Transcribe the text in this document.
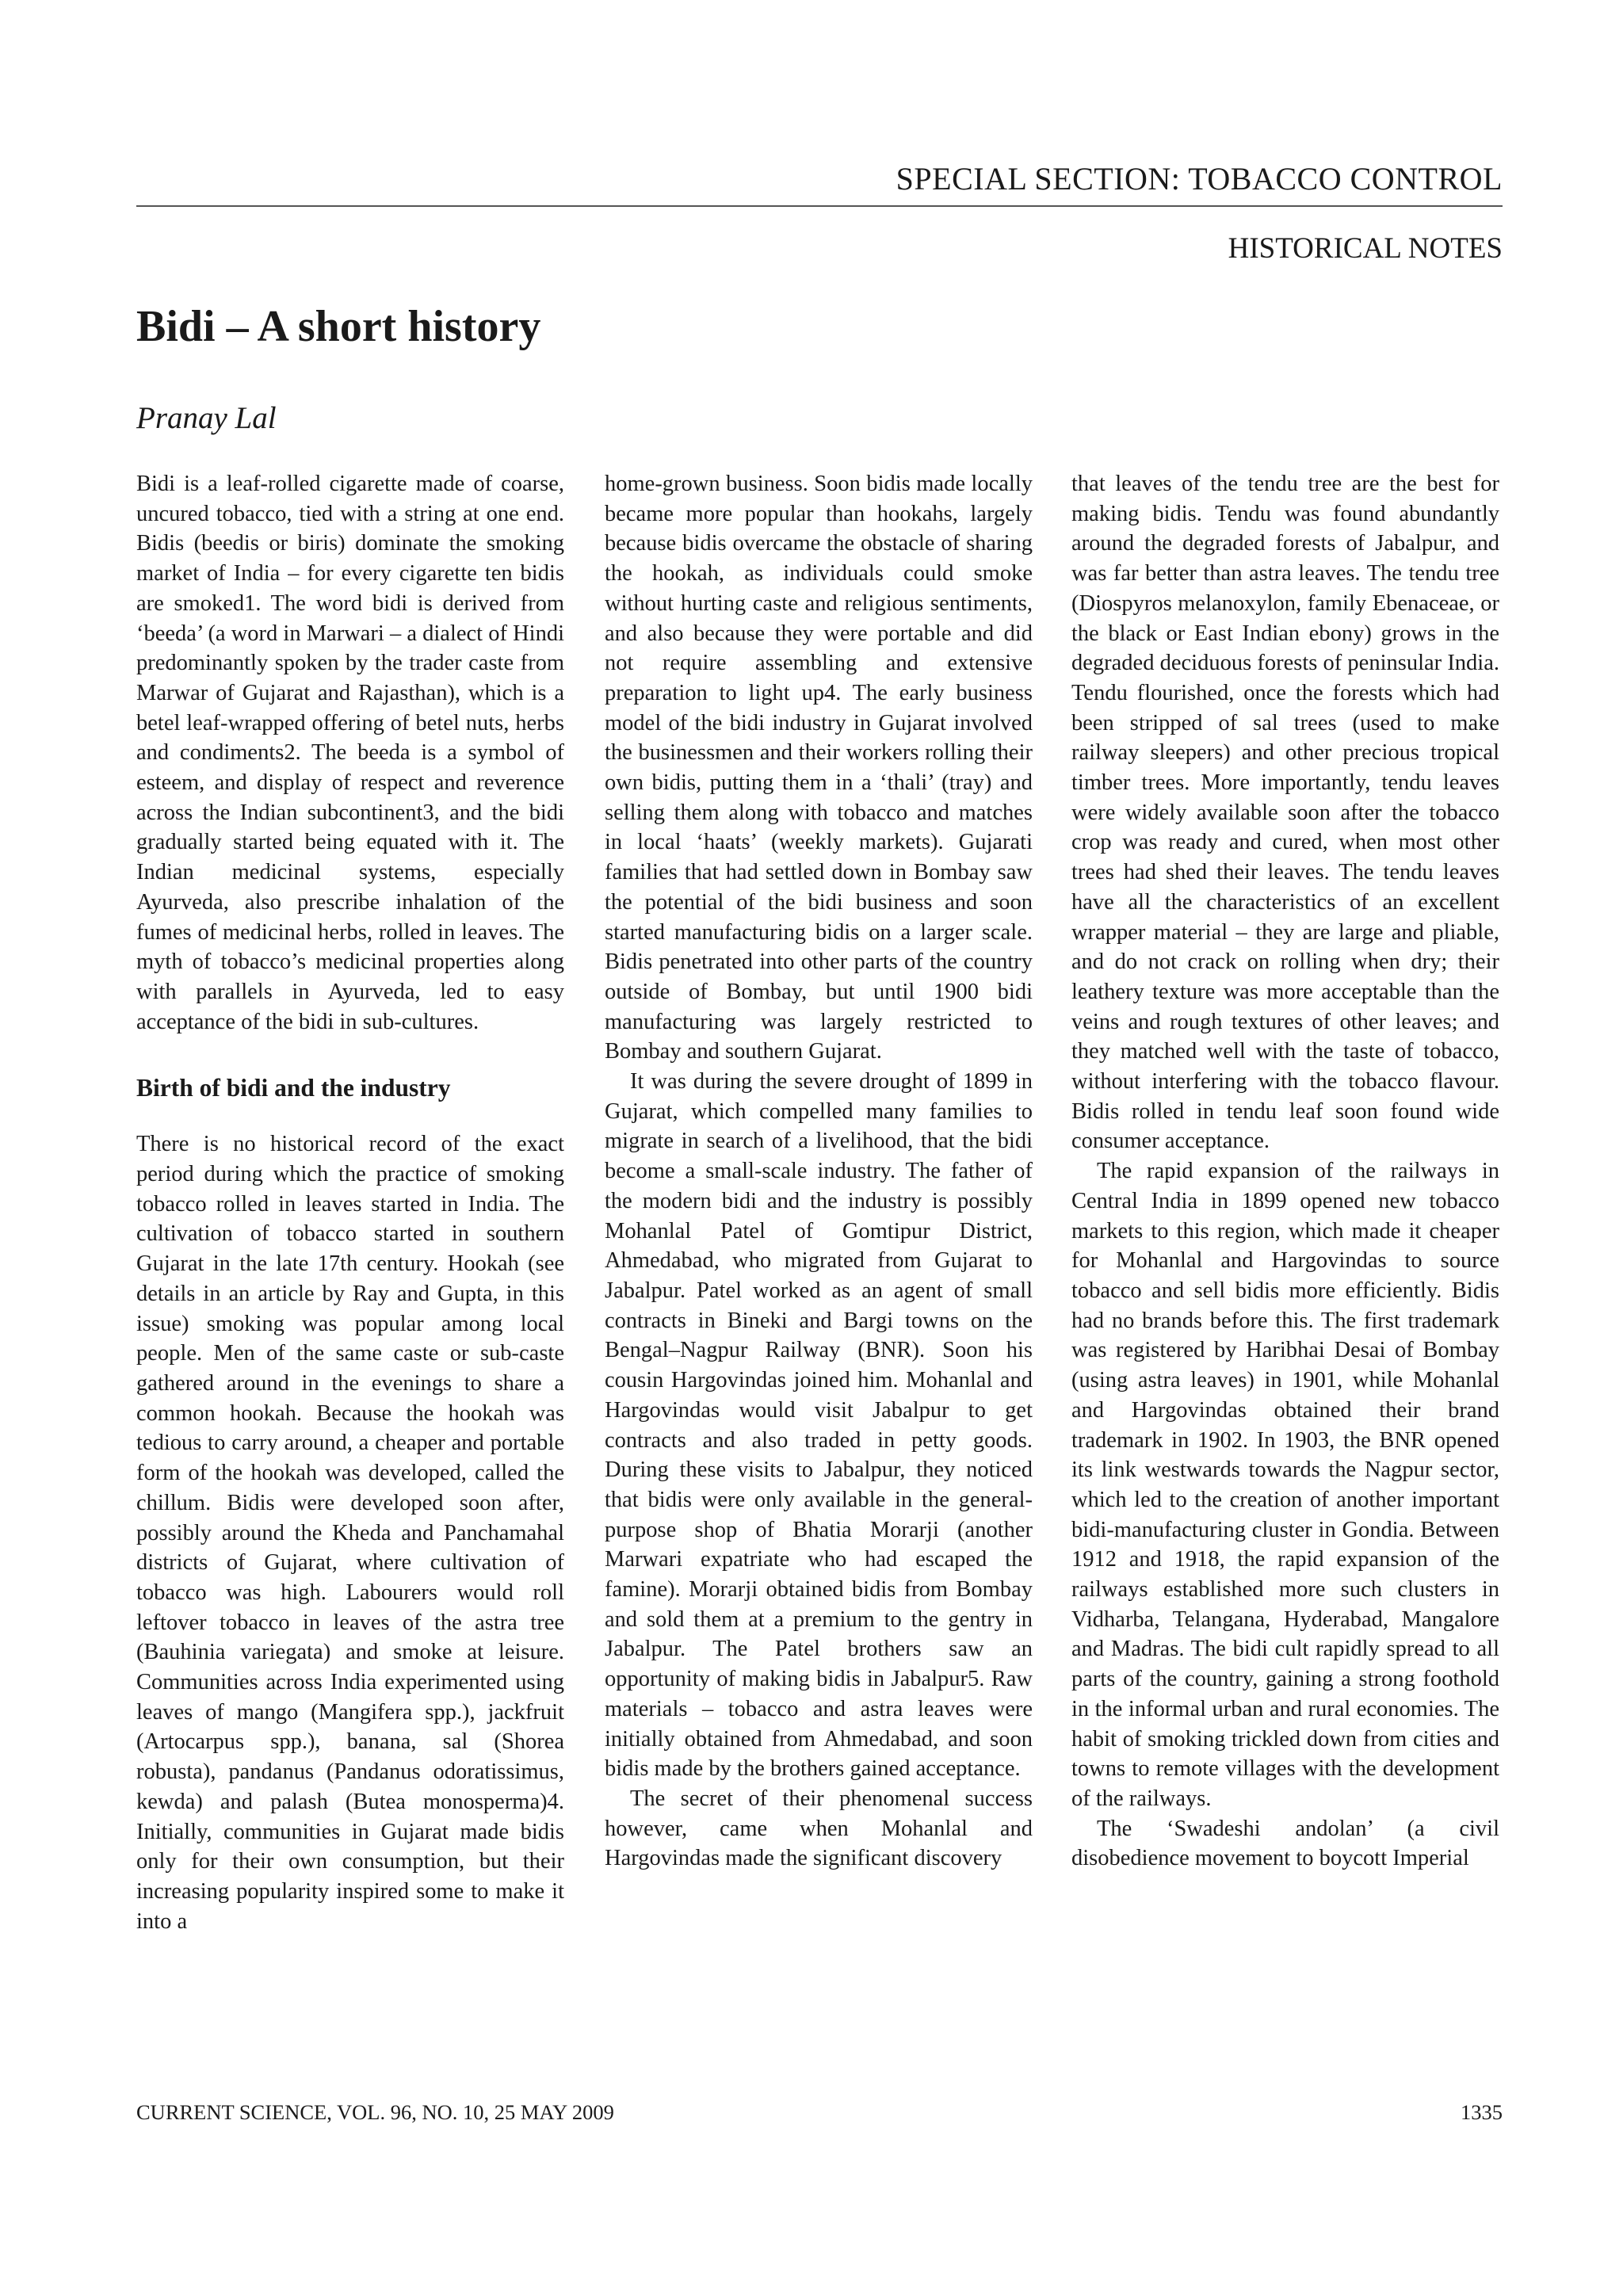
SPECIAL SECTION: TOBACCO CONTROL
HISTORICAL NOTES
Bidi – A short history
Pranay Lal

Bidi is a leaf-rolled cigarette made of coarse, uncured tobacco, tied with a string at one end. Bidis (beedis or biris) dominate the smoking market of India – for every cigarette ten bidis are smoked1. The word bidi is derived from ‘beeda’ (a word in Marwari – a dialect of Hindi predominantly spoken by the trader caste from Marwar of Gujarat and Rajasthan), which is a betel leaf-wrapped offering of betel nuts, herbs and condiments2. The beeda is a symbol of esteem, and display of respect and reverence across the Indian subcontinent3, and the bidi gradually started being equated with it. The Indian medicinal systems, especially Ayurveda, also prescribe inhalation of the fumes of medicinal herbs, rolled in leaves. The myth of tobacco’s medicinal properties along with parallels in Ayurveda, led to easy acceptance of the bidi in sub-cultures.

Birth of bidi and the industry

There is no historical record of the exact period during which the practice of smoking tobacco rolled in leaves started in India. The cultivation of tobacco started in southern Gujarat in the late 17th century. Hookah (see details in an article by Ray and Gupta, in this issue) smoking was popular among local people. Men of the same caste or sub-caste gathered around in the evenings to share a common hookah. Because the hookah was tedious to carry around, a cheaper and portable form of the hookah was developed, called the chillum. Bidis were developed soon after, possibly around the Kheda and Panchamahal districts of Gujarat, where cultivation of tobacco was high. Labourers would roll leftover tobacco in leaves of the astra tree (Bauhinia variegata) and smoke at leisure. Communities across India experimented using leaves of mango (Mangifera spp.), jackfruit (Artocarpus spp.), banana, sal (Shorea robusta), pandanus (Pandanus odoratissimus, kewda) and palash (Butea monosperma)4. Initially, communities in Gujarat made bidis only for their own consumption, but their increasing popularity inspired some to make it into a

home-grown business. Soon bidis made locally became more popular than hookahs, largely because bidis overcame the obstacle of sharing the hookah, as individuals could smoke without hurting caste and religious sentiments, and also because they were portable and did not require assembling and extensive preparation to light up4. The early business model of the bidi industry in Gujarat involved the businessmen and their workers rolling their own bidis, putting them in a ‘thali’ (tray) and selling them along with tobacco and matches in local ‘haats’ (weekly markets). Gujarati families that had settled down in Bombay saw the potential of the bidi business and soon started manufacturing bidis on a larger scale. Bidis penetrated into other parts of the country outside of Bombay, but until 1900 bidi manufacturing was largely restricted to Bombay and southern Gujarat.

It was during the severe drought of 1899 in Gujarat, which compelled many families to migrate in search of a livelihood, that the bidi become a small-scale industry. The father of the modern bidi and the industry is possibly Mohanlal Patel of Gomtipur District, Ahmedabad, who migrated from Gujarat to Jabalpur. Patel worked as an agent of small contracts in Bineki and Bargi towns on the Bengal–Nagpur Railway (BNR). Soon his cousin Hargovindas joined him. Mohanlal and Hargovindas would visit Jabalpur to get contracts and also traded in petty goods. During these visits to Jabalpur, they noticed that bidis were only available in the general-purpose shop of Bhatia Morarji (another Marwari expatriate who had escaped the famine). Morarji obtained bidis from Bombay and sold them at a premium to the gentry in Jabalpur. The Patel brothers saw an opportunity of making bidis in Jabalpur5. Raw materials – tobacco and astra leaves were initially obtained from Ahmedabad, and soon bidis made by the brothers gained acceptance.

The secret of their phenomenal success however, came when Mohanlal and Hargovindas made the significant discovery

that leaves of the tendu tree are the best for making bidis. Tendu was found abundantly around the degraded forests of Jabalpur, and was far better than astra leaves. The tendu tree (Diospyros melanoxylon, family Ebenaceae, or the black or East Indian ebony) grows in the degraded deciduous forests of peninsular India. Tendu flourished, once the forests which had been stripped of sal trees (used to make railway sleepers) and other precious tropical timber trees. More importantly, tendu leaves were widely available soon after the tobacco crop was ready and cured, when most other trees had shed their leaves. The tendu leaves have all the characteristics of an excellent wrapper material – they are large and pliable, and do not crack on rolling when dry; their leathery texture was more acceptable than the veins and rough textures of other leaves; and they matched well with the taste of tobacco, without interfering with the tobacco flavour. Bidis rolled in tendu leaf soon found wide consumer acceptance.

The rapid expansion of the railways in Central India in 1899 opened new tobacco markets to this region, which made it cheaper for Mohanlal and Hargovindas to source tobacco and sell bidis more efficiently. Bidis had no brands before this. The first trademark was registered by Haribhai Desai of Bombay (using astra leaves) in 1901, while Mohanlal and Hargovindas obtained their brand trademark in 1902. In 1903, the BNR opened its link westwards towards the Nagpur sector, which led to the creation of another important bidi-manufacturing cluster in Gondia. Between 1912 and 1918, the rapid expansion of the railways established more such clusters in Vidharba, Telangana, Hyderabad, Mangalore and Madras. The bidi cult rapidly spread to all parts of the country, gaining a strong foothold in the informal urban and rural economies. The habit of smoking trickled down from cities and towns to remote villages with the development of the railways.

The ‘Swadeshi andolan’ (a civil disobedience movement to boycott Imperial

CURRENT SCIENCE, VOL. 96, NO. 10, 25 MAY 2009	1335
